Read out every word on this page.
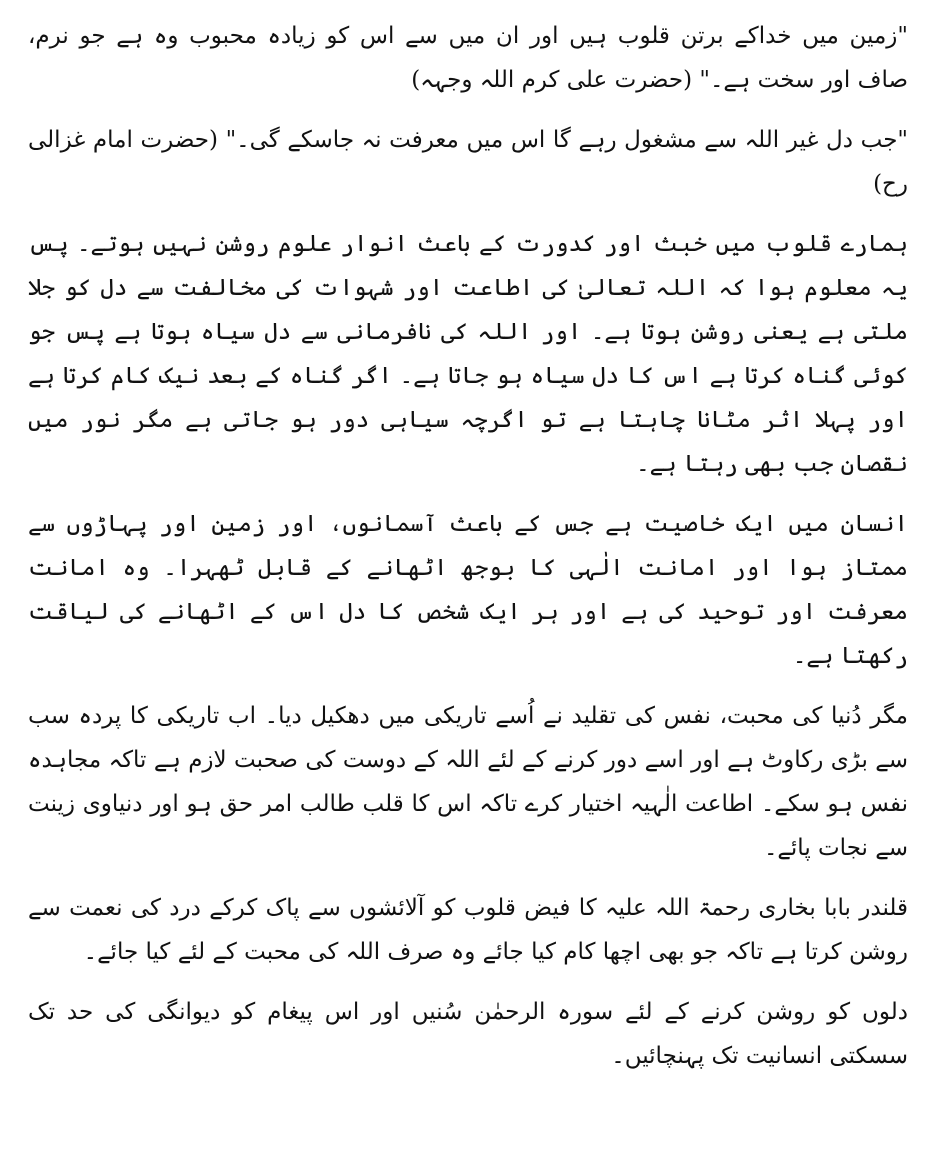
"زمین میں خداکے برتن قلوب ہیں اور ان میں سے اس کو زیادہ محبوب وہ ہے جو نرم، صاف اور سخت ہے۔" (حضرت علی کرم اللہ وجہہ)

"جب دل غیر اللہ سے مشغول رہے گا اس میں معرفت نہ جاسکے گی۔" (حضرت امام غزالی رح)

ہمارے قلوب میں خبث اور کدورت کے باعث انوار علوم روشن نہیں ہوتے۔ پس یہ معلوم ہوا کہ اللہ تعالیٰ کی اطاعت اور شہوات کی مخالفت سے دل کو جلا ملتی ہے یعنی روشن ہوتا ہے۔ اور اللہ کی نافرمانی سے دل سیاہ ہوتا ہے پس جو کوئی گناہ کرتا ہے اس کا دل سیاہ ہو جاتا ہے۔ اگر گناہ کے بعد نیک کام کرتا ہے اور پہلا اثر مٹانا چاہتا ہے تو اگرچہ سیاہی دور ہو جاتی ہے مگر نور میں نقصان جب بھی رہتا ہے۔

انسان میں ایک خاصیت ہے جس کے باعث آسمانوں، اور زمین اور پہاڑوں سے ممتاز ہوا اور امانت الٰہی کا بوجھ اٹھانے کے قابل ٹھہرا۔ وہ امانت معرفت اور توحید کی ہے اور ہر ایک شخص کا دل اس کے اٹھانے کی لیاقت رکھتا ہے۔

مگر دُنیا کی محبت، نفس کی تقلید نے اُسے تاریکی میں دھکیل دیا۔ اب تاریکی کا پردہ سب سے بڑی رکاوٹ ہے اور اسے دور کرنے کے لئے اللہ کے دوست کی صحبت لازم ہے تاکہ مجاہدہ نفس ہو سکے۔ اطاعت الٰہیہ اختیار کرے تاکہ اس کا قلب طالب امر حق ہو اور دنیاوی زینت سے نجات پائے۔

قلندر بابا بخاری رحمۃ اللہ علیہ کا فیض قلوب کو آلائشوں سے پاک کرکے درد کی نعمت سے روشن کرتا ہے تاکہ جو بھی اچھا کام کیا جائے وہ صرف اللہ کی محبت کے لئے کیا جائے۔

دلوں کو روشن کرنے کے لئے سورہ الرحمٰن سُنیں اور اس پیغام کو دیوانگی کی حد تک سسکتی انسانیت تک پہنچائیں۔
